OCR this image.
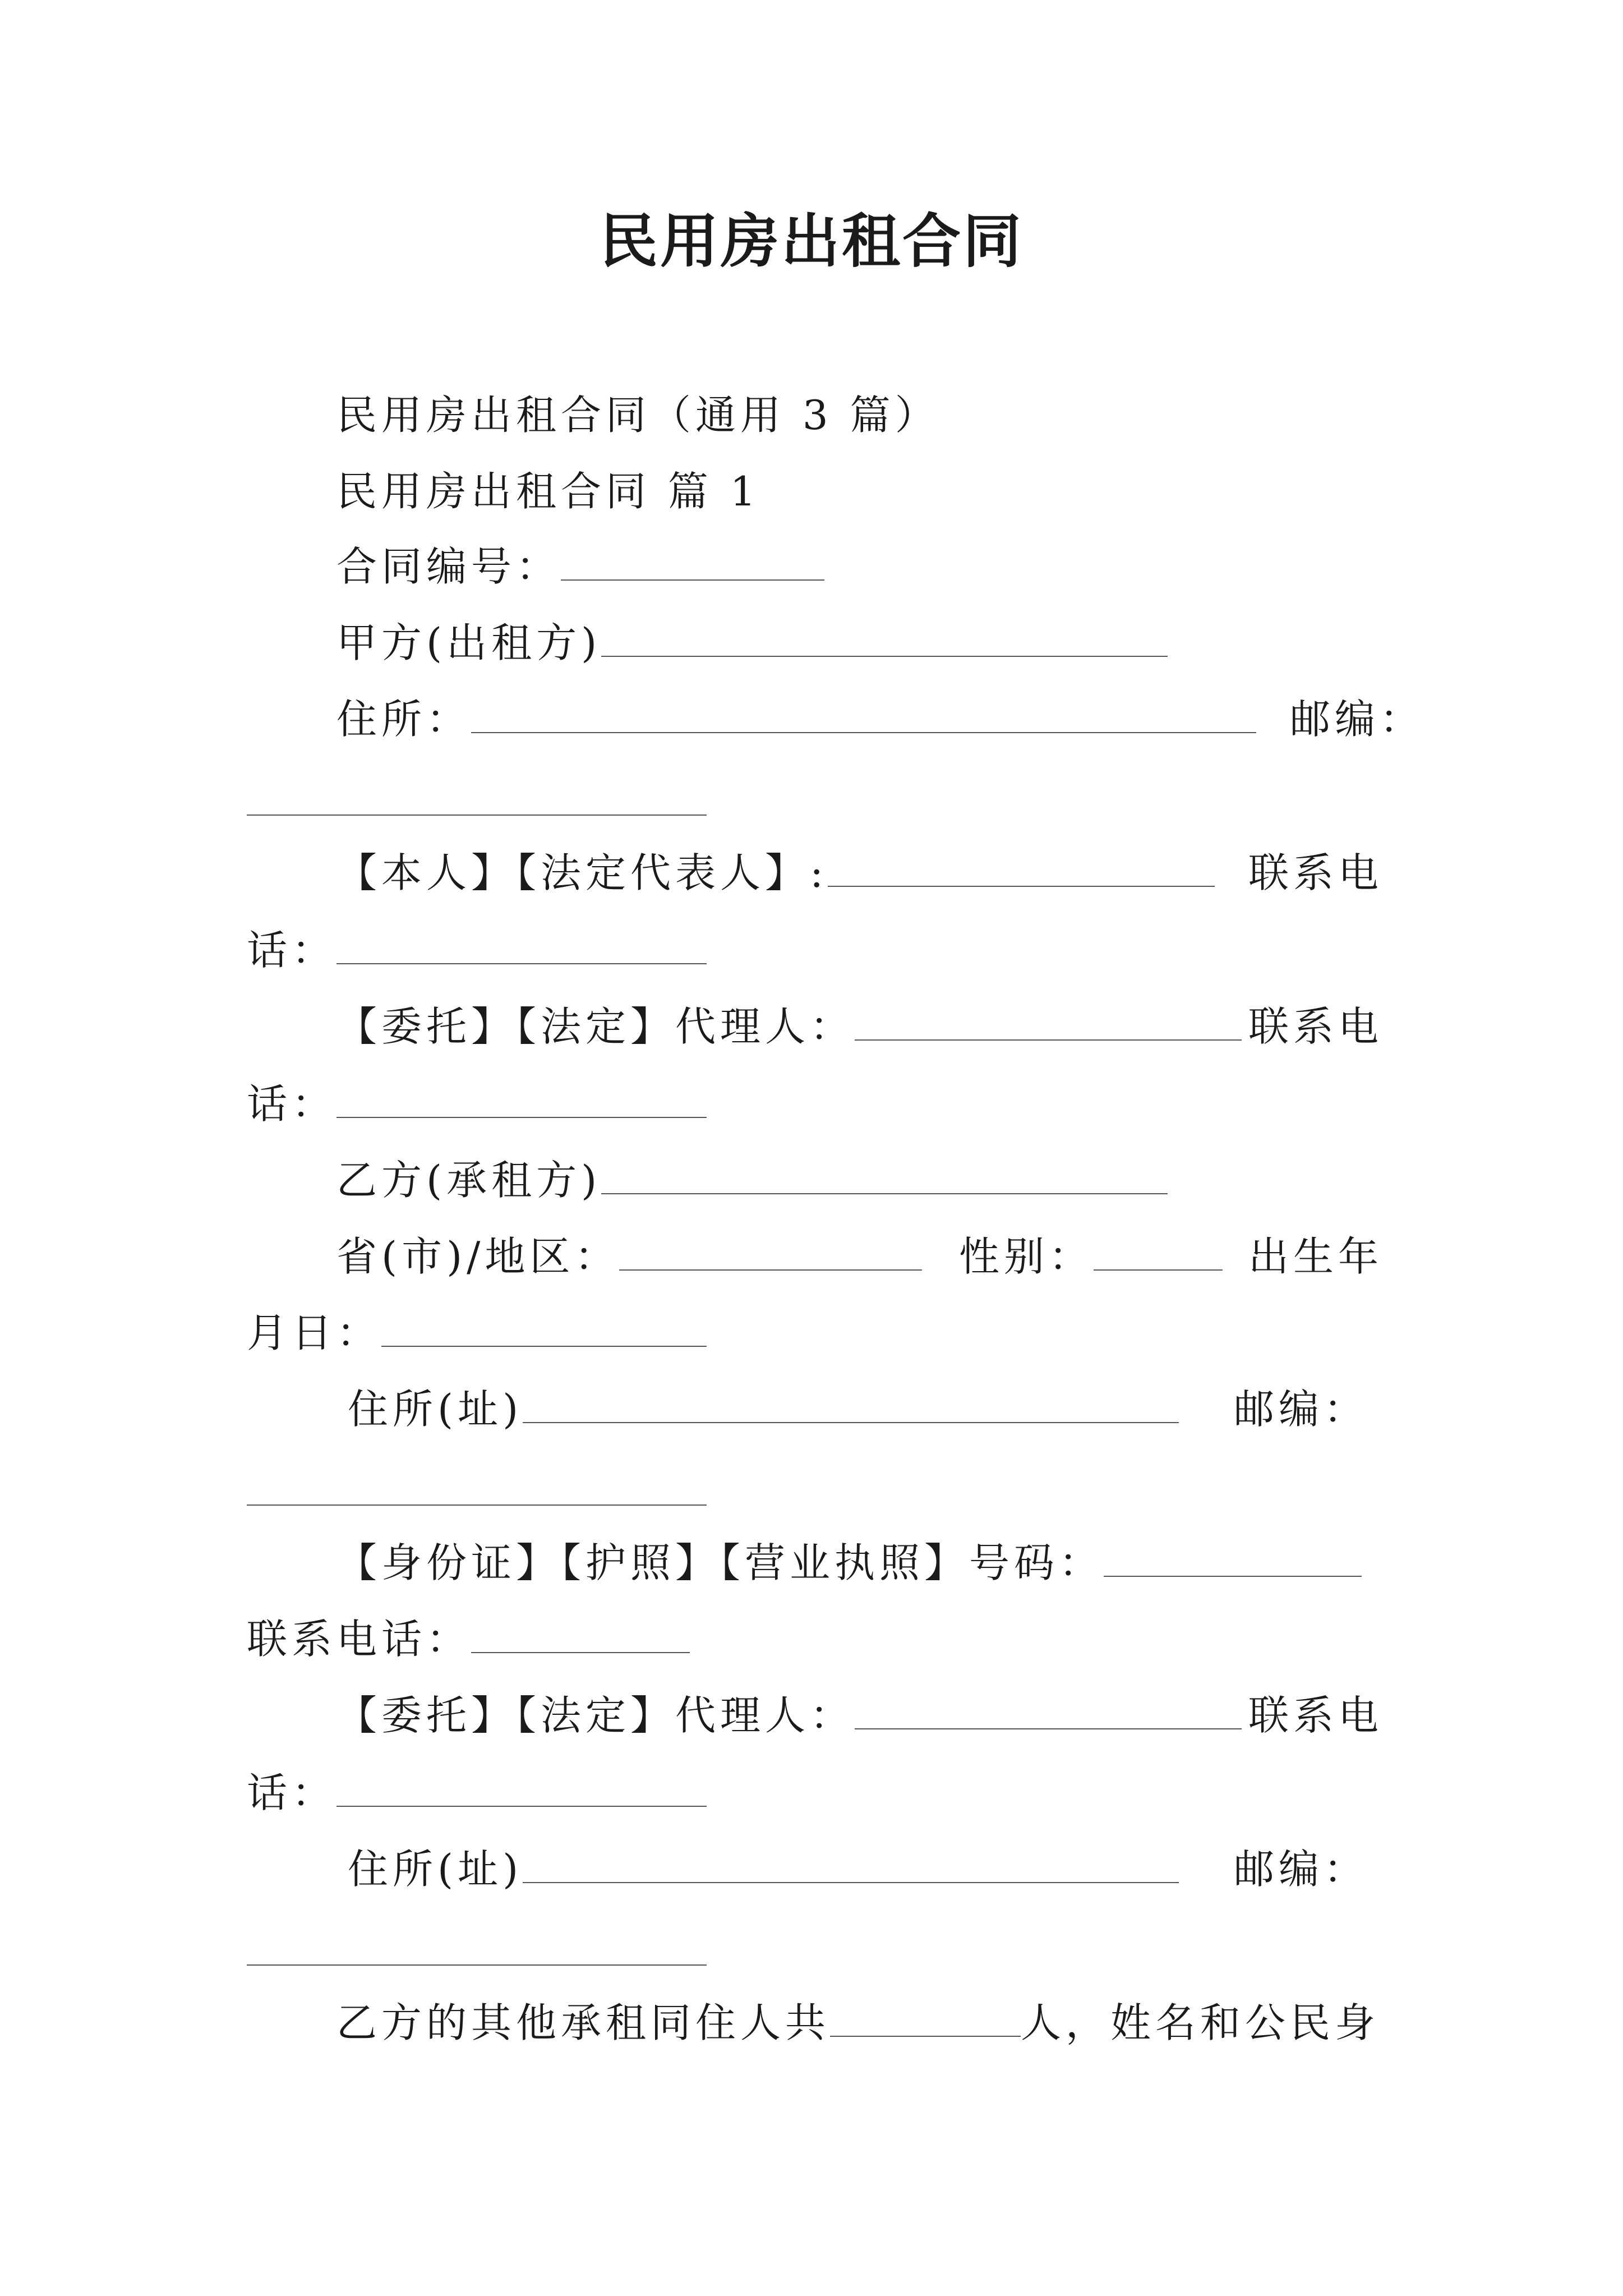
民用房出租合同
民用房出租合同（通用 3 篇）
民用房出租合同 篇 1
合同编号：
甲方(出租方)
住所：	邮编：
【本人】【法定代表人】:	联系电
话：
【委托】【法定】代理人：	联系电
话：
乙方(承租方)
省(市)/地区：	性别：	出生年
月日：
住所(址)	邮编：
【身份证】【护照】【营业执照】号码：
联系电话：
【委托】【法定】代理人：	联系电
话：
住所(址)	邮编：
乙方的其他承租同住人共	人，姓名和公民身
